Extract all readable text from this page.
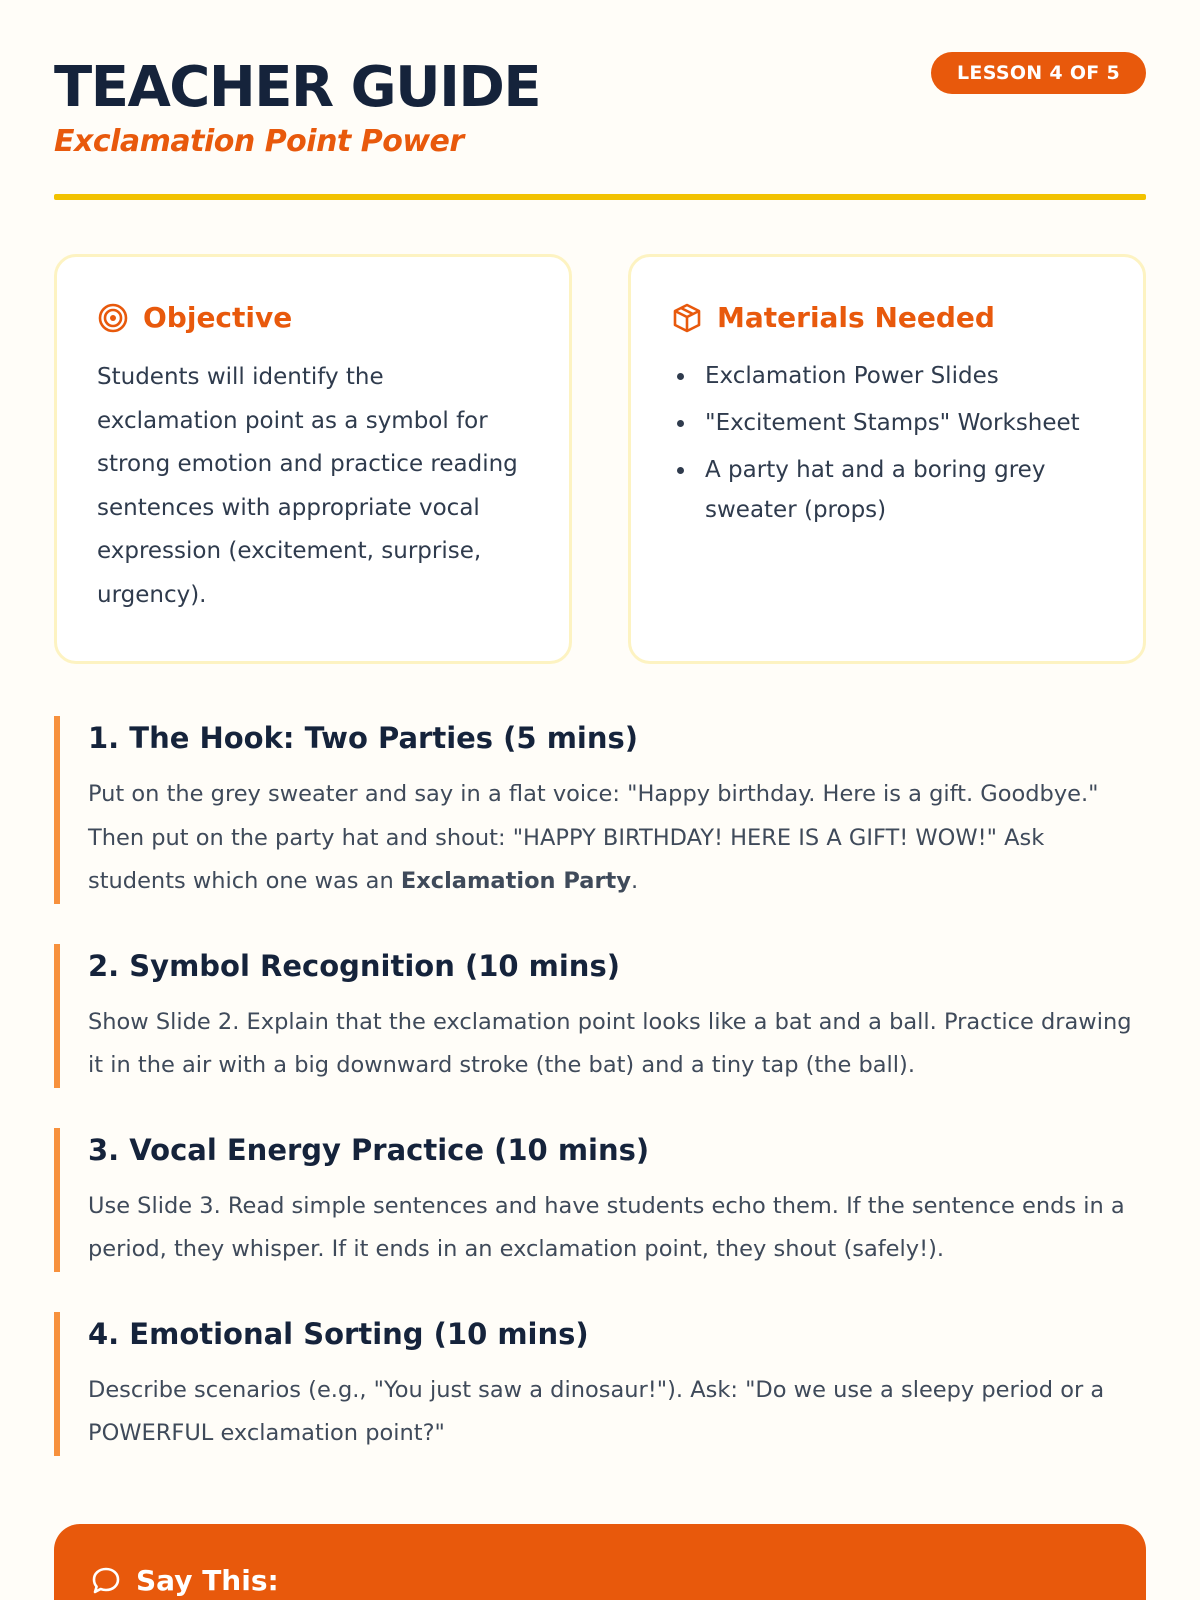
TEACHER GUIDE
Exclamation Point Power
LESSON 4 OF 5
Objective

Students will identify the exclamation point as a symbol for strong emotion and practice reading sentences with appropriate vocal expression (excitement, surprise, urgency).

Materials Needed
Exclamation Power Slides
"Excitement Stamps" Worksheet
A party hat and a boring grey sweater (props)
1. The Hook: Two Parties (5 mins)

Put on the grey sweater and say in a flat voice: "Happy birthday. Here is a gift. Goodbye." Then put on the party hat and shout: "HAPPY BIRTHDAY! HERE IS A GIFT! WOW!" Ask students which one was an Exclamation Party.

2. Symbol Recognition (10 mins)

Show Slide 2. Explain that the exclamation point looks like a bat and a ball. Practice drawing it in the air with a big downward stroke (the bat) and a tiny tap (the ball).

3. Vocal Energy Practice (10 mins)

Use Slide 3. Read simple sentences and have students echo them. If the sentence ends in a period, they whisper. If it ends in an exclamation point, they shout (safely!).

4. Emotional Sorting (10 mins)

Describe scenarios (e.g., "You just saw a dinosaur!"). Ask: "Do we use a sleepy period or a POWERFUL exclamation point?"

Say This:
